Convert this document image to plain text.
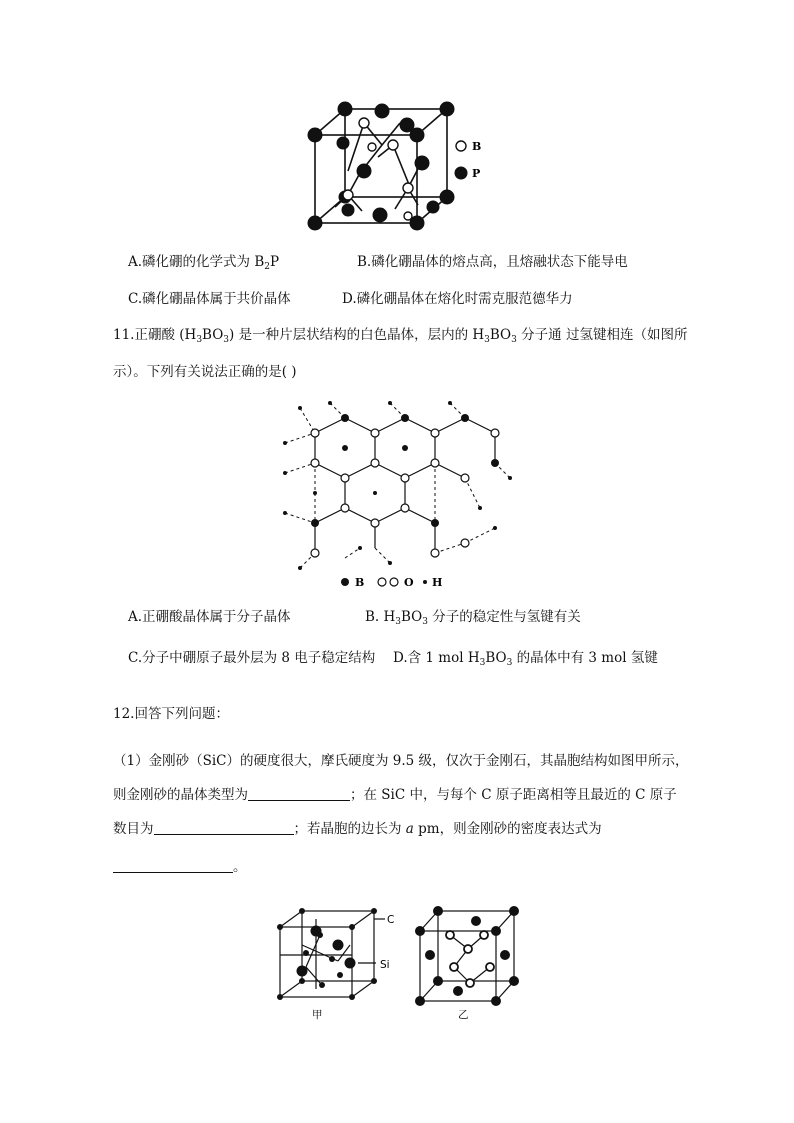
B
P
A.磷化硼的化学式为 $B_2P$	B.磷化硼晶体的熔点高，且熔融状态下能导电
C.磷化硼晶体属于共价晶体	D.磷化硼晶体在熔化时需克服范德华力
11.正硼酸 $(H_3BO_3)$ 是一种片层状结构的白色晶体，层内的 $H_3BO_3$ 分子通 过氢键相连（如图所
示）。下列有关说法正确的是( )
B	O H
A.正硼酸晶体属于分子晶体	B. $H_3BO_3$ 分子的稳定性与氢键有关
C.分子中硼原子最外层为 8 电子稳定结构 D.含 1 mol $H_3BO_3$ 的晶体中有 3 mol 氢键
12.回答下列问题：
（1）金刚砂（SiC）的硬度很大，摩氏硬度为 9.5 级，仅次于金刚石，其晶胞结构如图甲所示，
则金刚砂的晶体类型为	；在 SiC 中，与每个 C 原子距离相等且最近的 C 原子
数目为	；若晶胞的边长为 a pm，则金刚砂的密度表达式为
。
C
Si
甲	乙
